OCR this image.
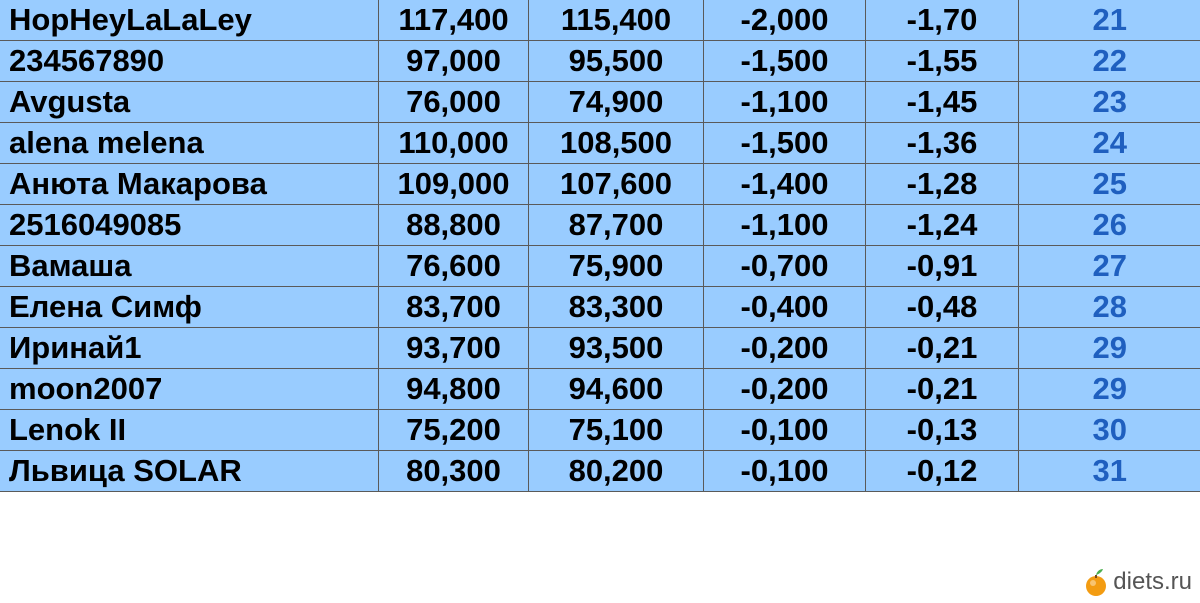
HopHeyLaLaLey	117,400	115,400	-2,000	-1,70	21
234567890	97,000	95,500	-1,500	-1,55	22
Avgusta	76,000	74,900	-1,100	-1,45	23
alena melena	110,000	108,500	-1,500	-1,36	24
Анюта Макарова	109,000	107,600	-1,400	-1,28	25
2516049085	88,800	87,700	-1,100	-1,24	26
Вамаша	76,600	75,900	-0,700	-0,91	27
Елена Симф	83,700	83,300	-0,400	-0,48	28
Иринай1	93,700	93,500	-0,200	-0,21	29
moon2007	94,800	94,600	-0,200	-0,21	29
Lenok II	75,200	75,100	-0,100	-0,13	30
Львица SOLAR	80,300	80,200	-0,100	-0,12	31
diets.ru
